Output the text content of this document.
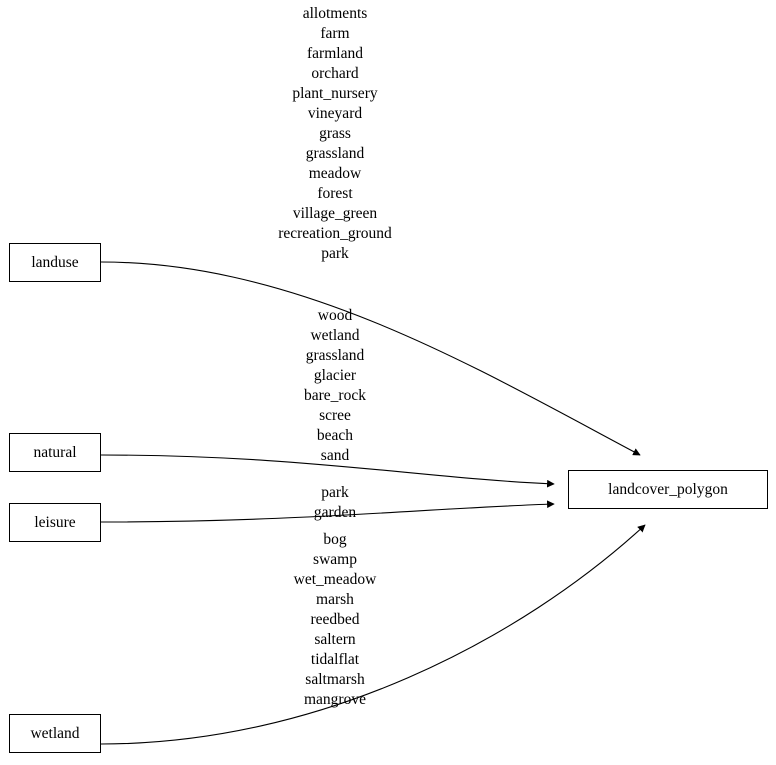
landuse
natural
leisure
wetland
landcover_polygon
allotments
farm
farmland
orchard
plant_nursery
vineyard
grass
grassland
meadow
forest
village_green
recreation_ground
park
wood
wetland
grassland
glacier
bare_rock
scree
beach
sand
park
garden
bog
swamp
wet_meadow
marsh
reedbed
saltern
tidalflat
saltmarsh
mangrove
